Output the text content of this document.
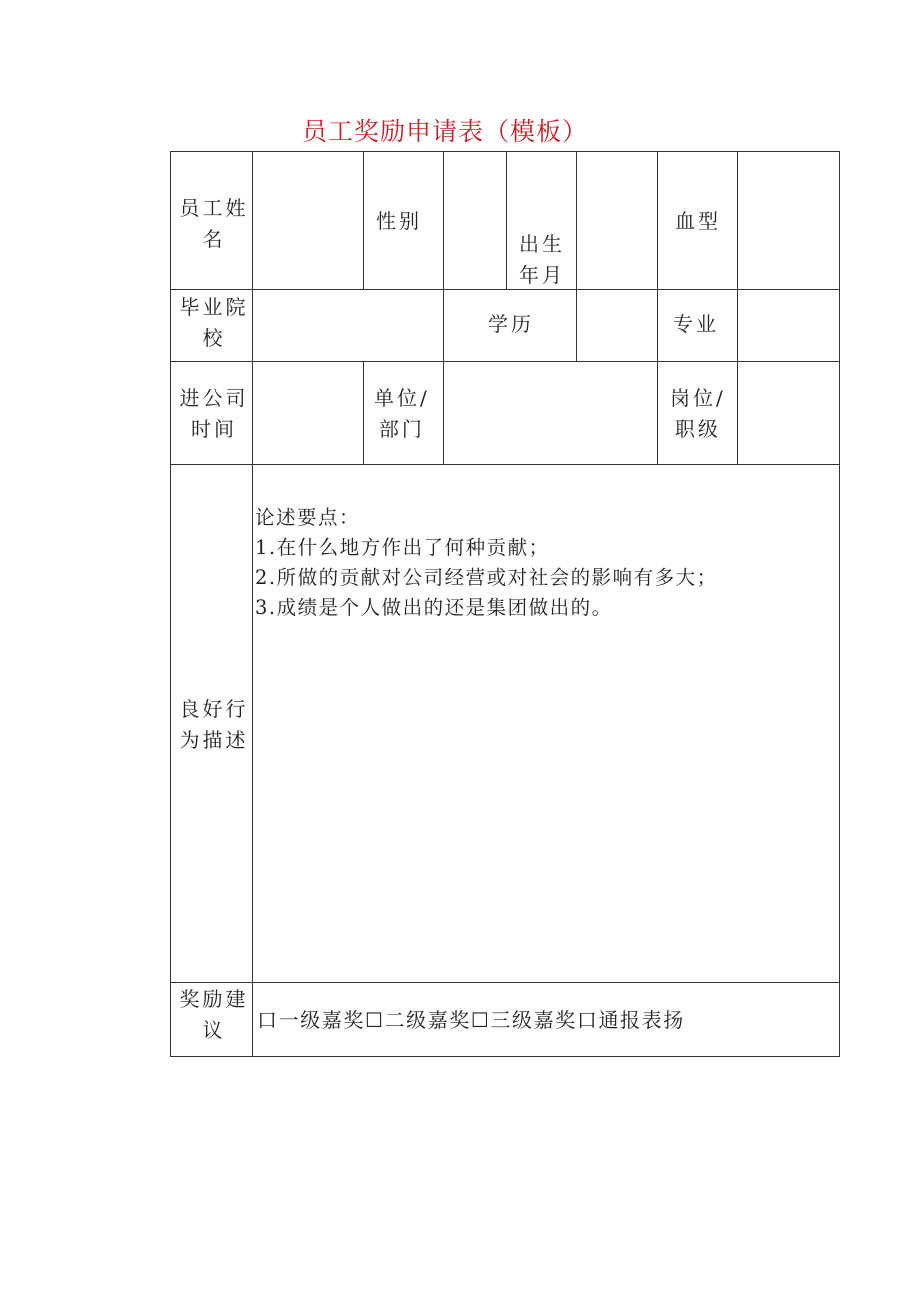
员工奖励申请表（模板）
员工姓
名
性别
出生
年月
血型
毕业院
校
学历	专业
进公司
时间
单位/
部门
岗位/
职级
良好行
为描述
论述要点：
1.在什么地方作出了何种贡献；
2.所做的贡献对公司经营或对社会的影响有多大；
3.成绩是个人做出的还是集团做出的。
奖励建
议	口一级嘉奖☐二级嘉奖☐三级嘉奖口通报表扬
